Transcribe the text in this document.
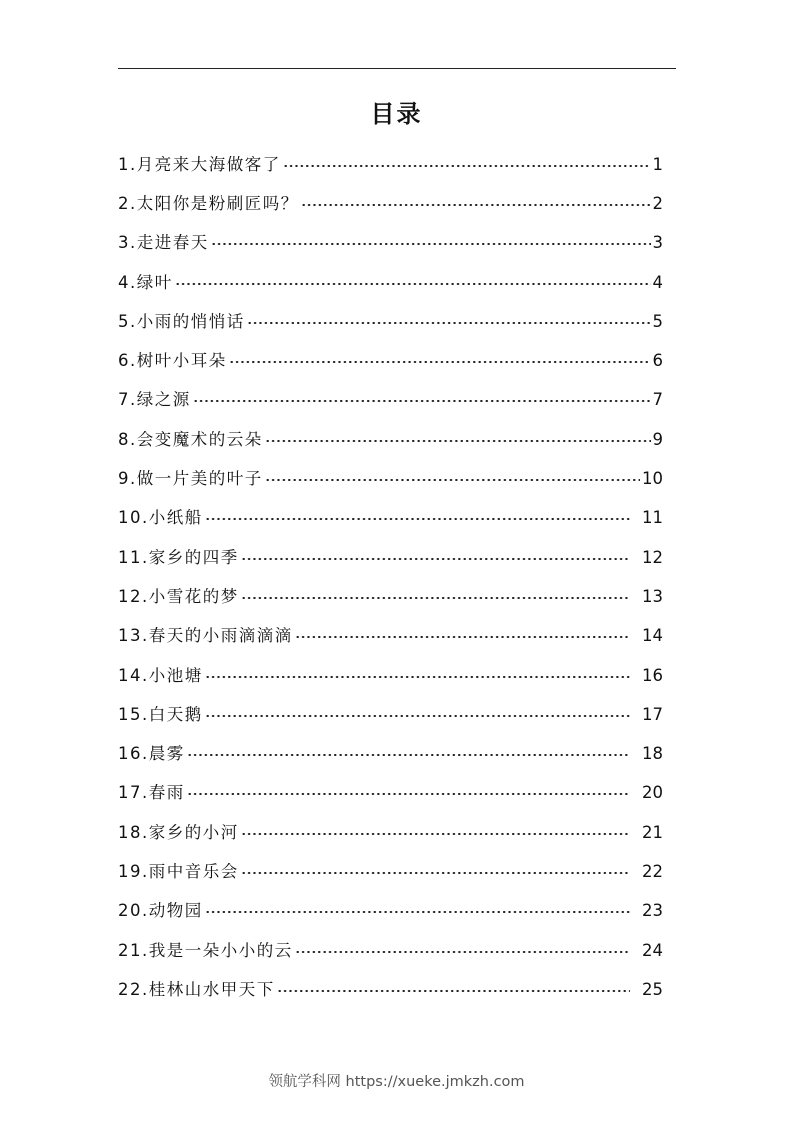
目录
1.月亮来大海做客了	1
2.太阳你是粉刷匠吗？	2
3.走进春天	3
4.绿叶	4
5.小雨的悄悄话	5
6.树叶小耳朵	6
7.绿之源	7
8.会变魔术的云朵	9
9.做一片美的叶子	10
10.小纸船	11
11.家乡的四季	12
12.小雪花的梦	13
13.春天的小雨滴滴滴	14
14.小池塘	16
15.白天鹅	17
16.晨雾	18
17.春雨	20
18.家乡的小河	21
19.雨中音乐会	22
20.动物园	23
21.我是一朵小小的云	24
22.桂林山水甲天下	25
领航学科网 https://xueke.jmkzh.com
